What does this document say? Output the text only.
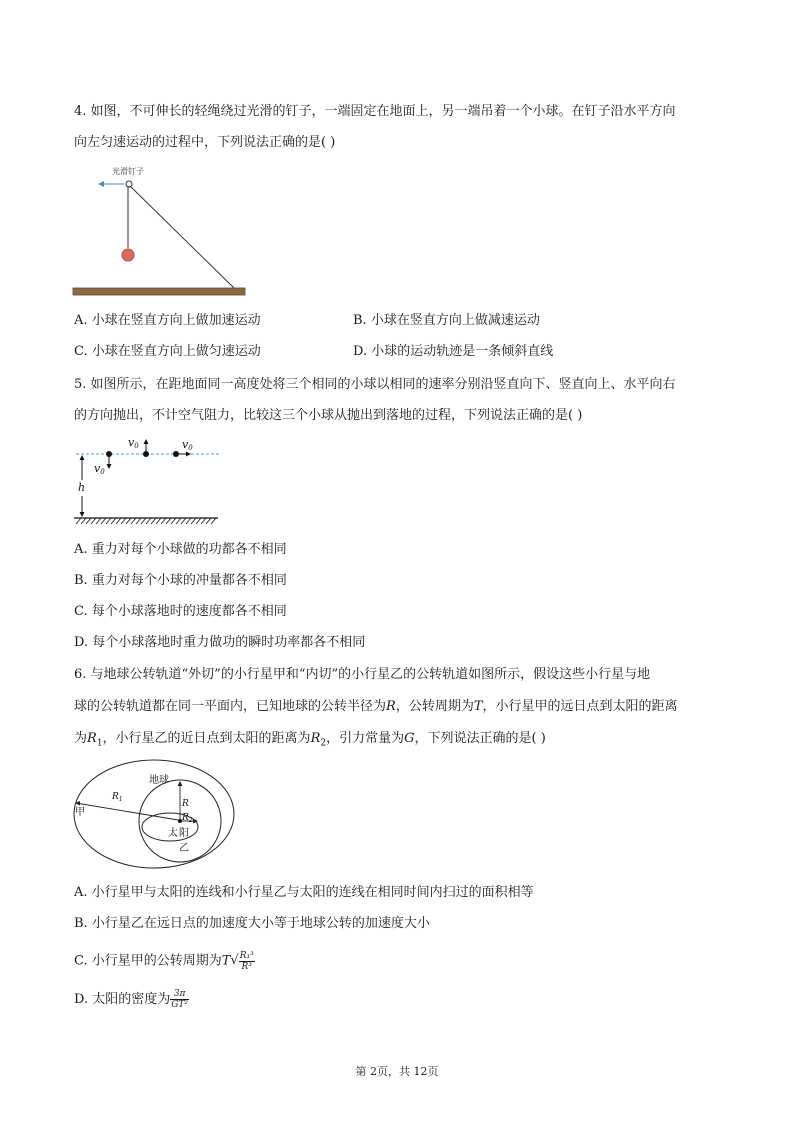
4. 如图，不可伸长的轻绳绕过光滑的钉子，一端固定在地面上，另一端吊着一个小球。在钉子沿水平方向
向左匀速运动的过程中，下列说法正确的是( )
光滑钉子
A. 小球在竖直方向上做加速运动	B. 小球在竖直方向上做减速运动
C. 小球在竖直方向上做匀速运动	D. 小球的运动轨迹是一条倾斜直线
5. 如图所示，在距地面同一高度处将三个相同的小球以相同的速率分别沿竖直向下、竖直向上、水平向右
的方向抛出，不计空气阻力，比较这三个小球从抛出到落地的过程，下列说法正确的是( )
v0
v0	v0
h
A. 重力对每个小球做的功都各不相同
B. 重力对每个小球的冲量都各不相同
C. 每个小球落地时的速度都各不相同
D. 每个小球落地时重力做功的瞬时功率都各不相同
6. 与地球公转轨道“外切”的小行星甲和“内切”的小行星乙的公转轨道如图所示，假设这些小行星与地
球的公转轨道都在同一平面内，已知地球的公转半径为R，公转周期为T，小行星甲的远日点到太阳的距离
为$R_1$，小行星乙的近日点到太阳的距离为$R_2$，引力常量为G，下列说法正确的是( )
地球
甲
$R_1$	R
$R_2$
太 阳
乙
A. 小行星甲与太阳的连线和小行星乙与太阳的连线在相同时间内扫过的面积相等
B. 小行星乙在远日点的加速度大小等于地球公转的加速度大小
C. 小行星甲的公转周期为$T√ \frac{\text{R₁³}}{\text{R³}}$
D. 太阳的密度为 $\frac{3\pi}{\text{GT²}}$
第 2页，共 12页
